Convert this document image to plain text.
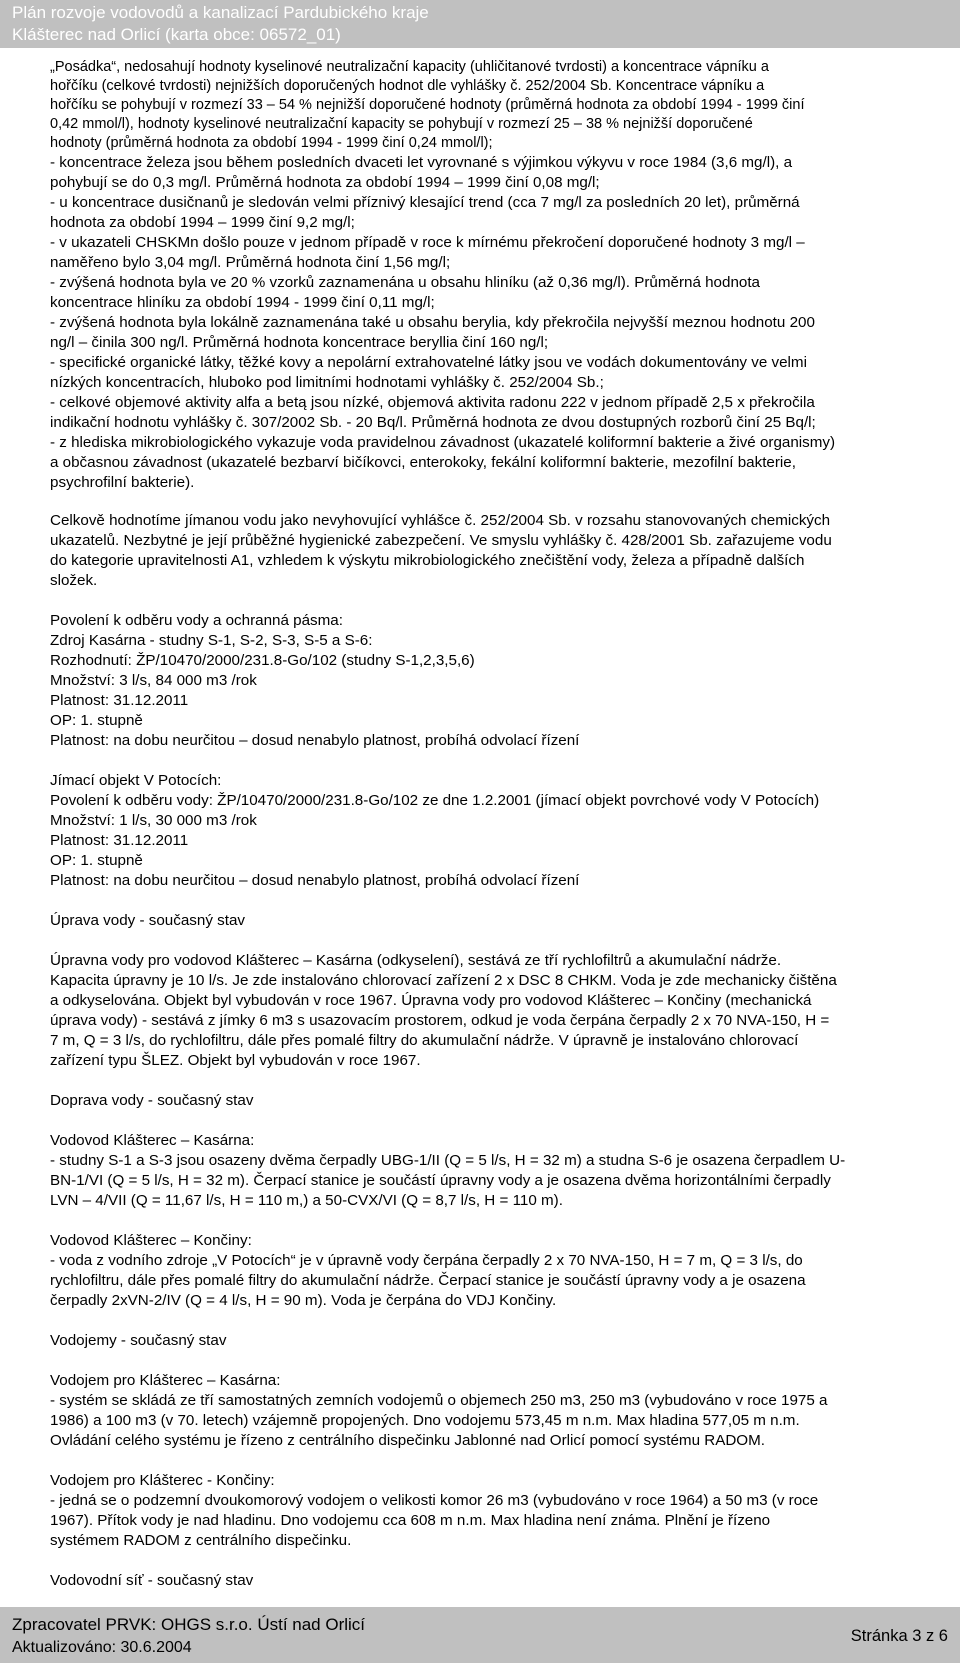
Plán rozvoje vodovodů a kanalizací Pardubického kraje
Klášterec nad Orlicí (karta obce: 06572_01)
„Posádka“, nedosahují hodnoty kyselinové neutralizační kapacity (uhličitanové tvrdosti) a koncentrace vápníku a
hořčíku (celkové tvrdosti) nejnižších doporučených hodnot dle vyhlášky č. 252/2004 Sb. Koncentrace vápníku a
hořčíku se pohybují v rozmezí 33 – 54 % nejnižší doporučené hodnoty (průměrná hodnota za období 1994 - 1999 činí
0,42 mmol/l), hodnoty kyselinové neutralizační kapacity se pohybují v rozmezí 25 – 38 % nejnižší doporučené
hodnoty (průměrná hodnota za období 1994 - 1999 činí 0,24 mmol/l);
- koncentrace železa jsou během posledních dvaceti let vyrovnané s výjimkou výkyvu v roce 1984 (3,6 mg/l), a
pohybují se do 0,3 mg/l. Průměrná hodnota za období 1994 – 1999 činí 0,08 mg/l;
- u koncentrace dusičnanů je sledován velmi příznivý klesající trend (cca 7 mg/l za posledních 20 let), průměrná
hodnota za období 1994 – 1999 činí 9,2 mg/l;
- v ukazateli CHSKMn došlo pouze v jednom případě v roce k mírnému překročení doporučené hodnoty 3 mg/l –
naměřeno bylo 3,04 mg/l. Průměrná hodnota činí 1,56 mg/l;
- zvýšená hodnota byla ve 20 % vzorků zaznamenána u obsahu hliníku (až 0,36 mg/l). Průměrná hodnota
koncentrace hliníku za období 1994 - 1999 činí 0,11 mg/l;
- zvýšená hodnota byla lokálně zaznamenána také u obsahu berylia, kdy překročila nejvyšší meznou hodnotu 200
ng/l – činila 300 ng/l. Průměrná hodnota koncentrace beryllia činí 160 ng/l;
- specifické organické látky, těžké kovy a nepolární extrahovatelné látky jsou ve vodách dokumentovány ve velmi
nízkých koncentracích, hluboko pod limitními hodnotami vyhlášky č. 252/2004 Sb.;
- celkové objemové aktivity alfa a betą jsou nízké, objemová aktivita radonu 222 v jednom případě 2,5 x překročila
indikační hodnotu vyhlášky č. 307/2002 Sb. - 20 Bq/l. Průměrná hodnota ze dvou dostupných rozborů činí 25 Bq/l;
- z hlediska mikrobiologického vykazuje voda pravidelnou závadnost (ukazatelé koliformní bakterie a živé organismy)
a občasnou závadnost (ukazatelé bezbarví bičíkovci, enterokoky, fekální koliformní bakterie, mezofilní bakterie,
psychrofilní bakterie).
Celkově hodnotíme jímanou vodu jako nevyhovující vyhlášce č. 252/2004 Sb. v rozsahu stanovovaných chemických
ukazatelů. Nezbytné je její průběžné hygienické zabezpečení. Ve smyslu vyhlášky č. 428/2001 Sb. zařazujeme vodu
do kategorie upravitelnosti A1, vzhledem k výskytu mikrobiologického znečištění vody, železa a případně dalších
složek.
Povolení k odběru vody a ochranná pásma:
Zdroj Kasárna - studny S-1, S-2, S-3, S-5 a S-6:
Rozhodnutí: ŽP/10470/2000/231.8-Go/102 (studny S-1,2,3,5,6)
Množství: 3 l/s, 84 000 m3 /rok
Platnost: 31.12.2011
OP: 1. stupně
Platnost: na dobu neurčitou – dosud nenabylo platnost, probíhá odvolací řízení
Jímací objekt V Potocích:
Povolení k odběru vody: ŽP/10470/2000/231.8-Go/102 ze dne 1.2.2001 (jímací objekt povrchové vody V Potocích)
Množství: 1 l/s, 30 000 m3 /rok
Platnost: 31.12.2011
OP: 1. stupně
Platnost: na dobu neurčitou – dosud nenabylo platnost, probíhá odvolací řízení
Úprava vody - současný stav
Úpravna vody pro vodovod Klášterec – Kasárna (odkyselení), sestává ze tří rychlofiltrů a akumulační nádrže.
Kapacita úpravny je 10 l/s. Je zde instalováno chlorovací zařízení 2 x DSC 8 CHKM. Voda je zde mechanicky čištěna
a odkyselována. Objekt byl vybudován v roce 1967. Úpravna vody pro vodovod Klášterec – Končiny (mechanická
úprava vody) - sestává z jímky 6 m3 s usazovacím prostorem, odkud je voda čerpána čerpadly 2 x 70 NVA-150, H =
7 m, Q = 3 l/s, do rychlofiltru, dále přes pomalé filtry do akumulační nádrže. V úpravně je instalováno chlorovací
zařízení typu ŠLEZ. Objekt byl vybudován v roce 1967.
Doprava vody - současný stav
Vodovod Klášterec – Kasárna:
- studny S-1 a S-3 jsou osazeny dvěma čerpadly UBG-1/II (Q = 5 l/s, H = 32 m) a studna S-6 je osazena čerpadlem U-
BN-1/VI (Q = 5 l/s, H = 32 m). Čerpací stanice je součástí úpravny vody a je osazena dvěma horizontálními čerpadly
LVN – 4/VII (Q = 11,67 l/s, H = 110 m,) a 50-CVX/VI (Q = 8,7 l/s, H = 110 m).
Vodovod Klášterec – Končiny:
- voda z vodního zdroje „V Potocích“ je v úpravně vody čerpána čerpadly 2 x 70 NVA-150, H = 7 m, Q = 3 l/s, do
rychlofiltru, dále přes pomalé filtry do akumulační nádrže. Čerpací stanice je součástí úpravny vody a je osazena
čerpadly 2xVN-2/IV (Q = 4 l/s, H = 90 m). Voda je čerpána do VDJ Končiny.
Vodojemy - současný stav
Vodojem pro Klášterec – Kasárna:
- systém se skládá ze tří samostatných zemních vodojemů o objemech 250 m3, 250 m3 (vybudováno v roce 1975 a
1986) a 100 m3 (v 70. letech) vzájemně propojených. Dno vodojemu 573,45 m n.m. Max hladina 577,05 m n.m.
Ovládání celého systému je řízeno z centrálního dispečinku Jablonné nad Orlicí pomocí systému RADOM.
Vodojem pro Klášterec - Končiny:
- jedná se o podzemní dvoukomorový vodojem o velikosti komor 26 m3 (vybudováno v roce 1964) a 50 m3 (v roce
1967). Přítok vody je nad hladinu. Dno vodojemu cca 608 m n.m. Max hladina není známa. Plnění je řízeno
systémem RADOM z centrálního dispečinku.
Vodovodní síť - současný stav
Zpracovatel PRVK: OHGS s.r.o. Ústí nad Orlicí
Aktualizováno: 30.6.2004
Stránka 3 z 6
